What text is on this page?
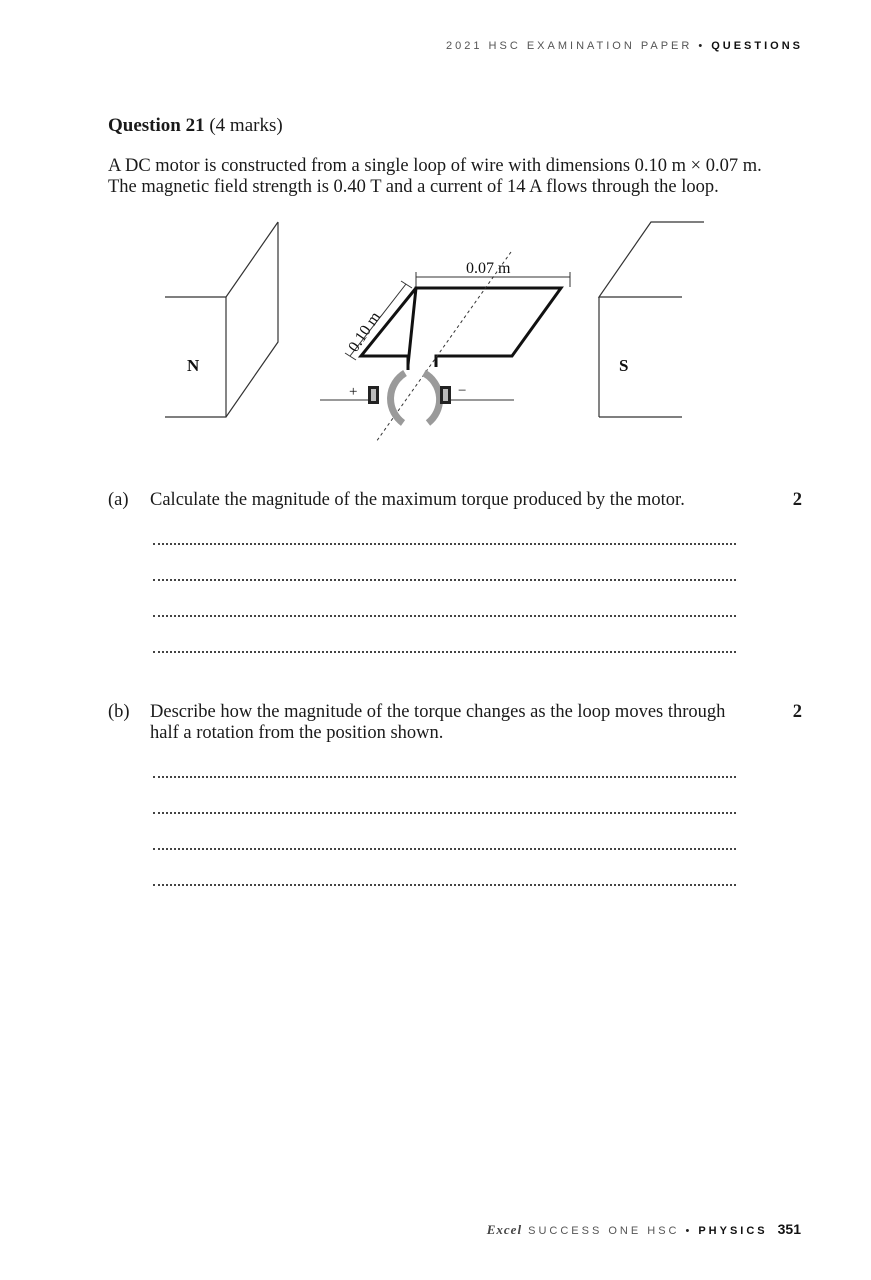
2021 HSC EXAMINATION PAPER • QUESTIONS
Question 21 (4 marks)

A DC motor is constructed from a single loop of wire with dimensions 0.10 m × 0.07 m.

The magnetic field strength is 0.40 T and a current of 14 A flows through the loop.

N	S
0.07 m
0.10 m
+	−
(a) Calculate the magnitude of the maximum torque produced by the motor.	2
(b) Describe how the magnitude of the torque changes as the loop moves through half a rotation from the position shown.
2
Excel SUCCESS ONE HSC • PHYSICS 351
